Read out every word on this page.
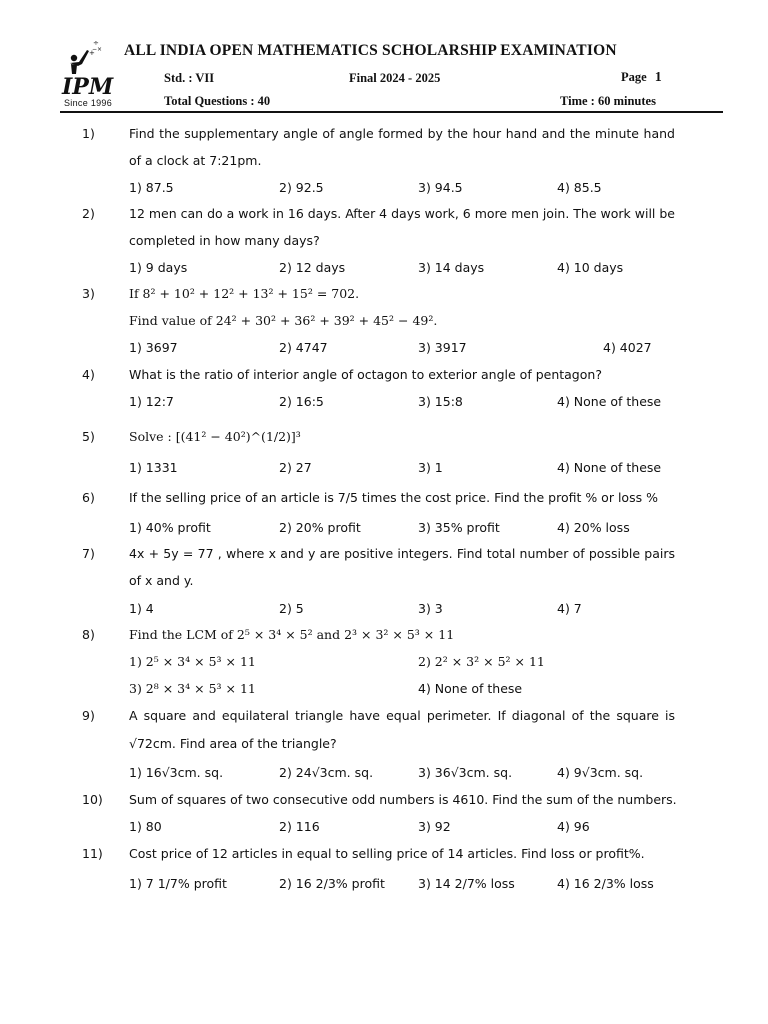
÷
−×
+
IPM
Since 1996
ALL INDIA OPEN MATHEMATICS SCHOLARSHIP EXAMINATION
Std. : VII	Final 2024 - 2025	Page 1
Total Questions : 40	Time : 60 minutes
1)	Find the supplementary angle of angle formed by the hour hand and the minute hand
of a clock at 7:21pm.
1) 87.5	2) 92.5	3) 94.5	4) 85.5
2)	12 men can do a work in 16 days. After 4 days work, 6 more men join. The work will be
completed in how many days?
1) 9 days	2) 12 days	3) 14 days	4) 10 days
3)	If 8² + 10² + 12² + 13² + 15² = 702.
Find value of 24² + 30² + 36² + 39² + 45² − 49².
1) 3697	2) 4747	3) 3917	4) 4027
4)	What is the ratio of interior angle of octagon to exterior angle of pentagon?
1) 12:7	2) 16:5	3) 15:8	4) None of these
5)	Solve : [(41² − 40²)^(1/2)]³
1) 1331	2) 27	3) 1	4) None of these
6)	If the selling price of an article is 7/5 times the cost price. Find the profit % or loss %
1) 40% profit	2) 20% profit	3) 35% profit	4) 20% loss
7)	4x + 5y = 77 , where x and y are positive integers. Find total number of possible pairs
of x and y.
1) 4	2) 5	3) 3	4) 7
8)	Find the LCM of 2⁵ × 3⁴ × 5² and 2³ × 3² × 5³ × 11
1) 2⁵ × 3⁴ × 5³ × 11	2) 2² × 3² × 5² × 11
3) 2⁸ × 3⁴ × 5³ × 11	4) None of these
9)	A square and equilateral triangle have equal perimeter. If diagonal of the square is
√72cm. Find area of the triangle?
1) 16√3cm. sq.	2) 24√3cm. sq.	3) 36√3cm. sq.	4) 9√3cm. sq.
10) Sum of squares of two consecutive odd numbers is 4610. Find the sum of the numbers.
1) 80	2) 116	3) 92	4) 96
11) Cost price of 12 articles in equal to selling price of 14 articles. Find loss or profit%.
1) 7 1/7% profit	2) 16 2/3% profit	3) 14 2/7% loss	4) 16 2/3% loss
